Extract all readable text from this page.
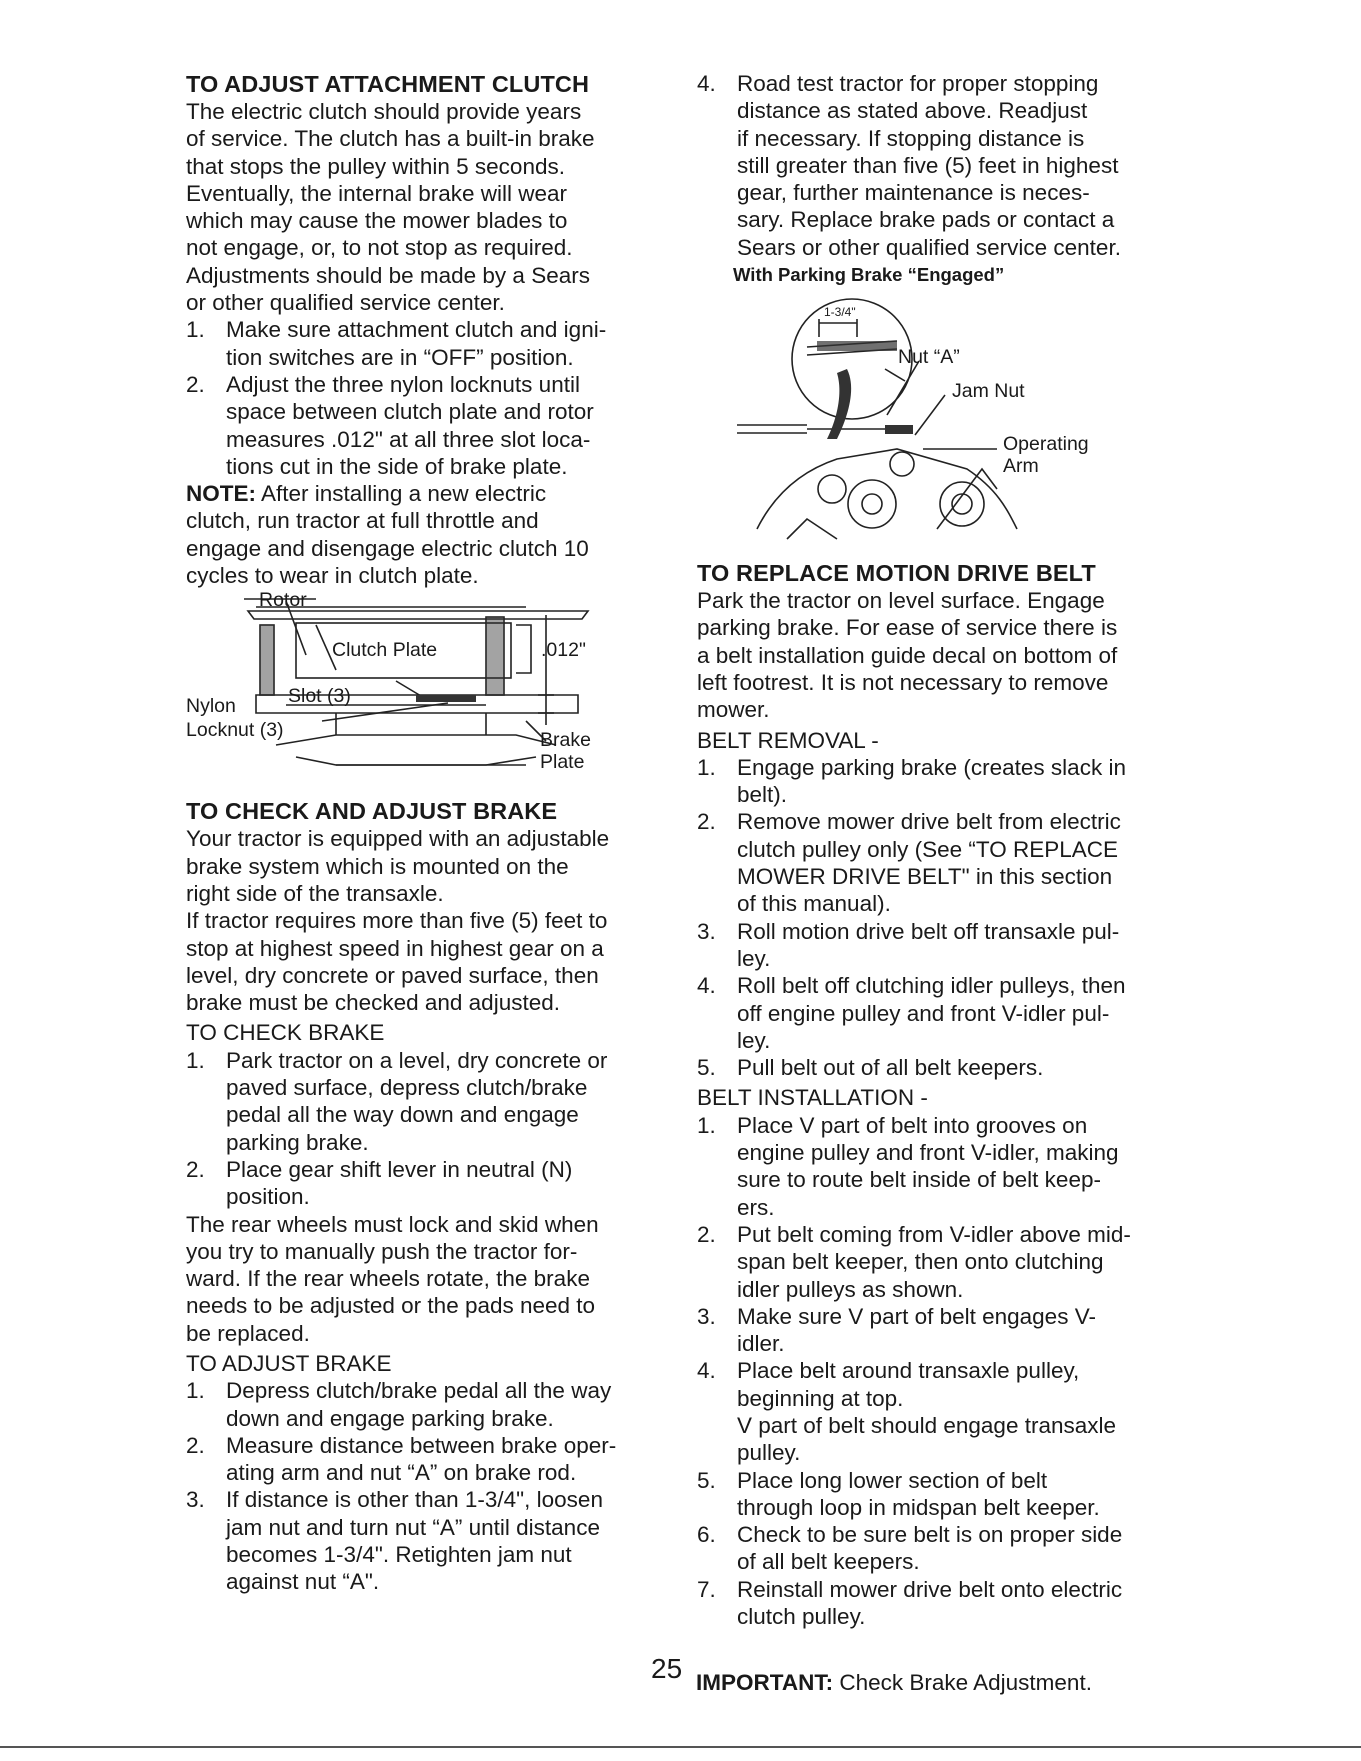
TO ADJUST ATTACHMENT CLUTCH

The electric clutch should provide years
of service. The clutch has a built-in brake
that stops the pulley within 5 seconds.
Eventually, the internal brake will wear
which may cause the mower blades to
not engage, or, to not stop as required.
Adjustments should be made by a Sears
or other qualified service center.

1. Make sure attachment clutch and igni-
tion switches are in “OFF” position.
2. Adjust the three nylon locknuts until
space between clutch plate and rotor
measures .012" at all three slot loca-
tions cut in the side of brake plate.

NOTE: After installing a new electric
clutch, run tractor at full throttle and
engage and disengage electric clutch 10
cycles to wear in clutch plate.

Rotor
Clutch Plate	.012"
Slot (3)
Nylon
Locknut (3)	Brake
Plate

TO CHECK AND ADJUST BRAKE

Your tractor is equipped with an adjustable
brake system which is mounted on the
right side of the transaxle.
If tractor requires more than five (5) feet to
stop at highest speed in highest gear on a
level, dry concrete or paved surface, then
brake must be checked and adjusted.

TO CHECK BRAKE

1. Park tractor on a level, dry concrete or
paved surface, depress clutch/brake
pedal all the way down and engage
parking brake.
2. Place gear shift lever in neutral (N)
position.

The rear wheels must lock and skid when
you try to manually push the tractor for-
ward. If the rear wheels rotate, the brake
needs to be adjusted or the pads need to
be replaced.

TO ADJUST BRAKE

1. Depress clutch/brake pedal all the way
down and engage parking brake.
2. Measure distance between brake oper-
ating arm and nut “A” on brake rod.
3. If distance is other than 1-3/4", loosen
jam nut and turn nut “A” until distance
becomes 1-3/4". Retighten jam nut
against nut “A".
4. Road test tractor for proper stopping
distance as stated above. Readjust
if necessary. If stopping distance is
still greater than five (5) feet in highest
gear, further maintenance is neces-
sary. Replace brake pads or contact a
Sears or other qualified service center.

With Parking Brake “Engaged”

1-3/4"
Nut “A”
Jam Nut
Operating
Arm

TO REPLACE MOTION DRIVE BELT

Park the tractor on level surface. Engage
parking brake. For ease of service there is
a belt installation guide decal on bottom of
left footrest. It is not necessary to remove
mower.

BELT REMOVAL -

1. Engage parking brake (creates slack in
belt).
2. Remove mower drive belt from electric
clutch pulley only (See “TO REPLACE
MOWER DRIVE BELT" in this section
of this manual).
3. Roll motion drive belt off transaxle pul-
ley.
4. Roll belt off clutching idler pulleys, then
off engine pulley and front V-idler pul-
ley.
5. Pull belt out of all belt keepers.

BELT INSTALLATION -

1. Place V part of belt into grooves on
engine pulley and front V-idler, making
sure to route belt inside of belt keep-
ers.
2. Put belt coming from V-idler above mid-
span belt keeper, then onto clutching
idler pulleys as shown.
3. Make sure V part of belt engages V-
idler.
4. Place belt around transaxle pulley,
beginning at top.
V part of belt should engage transaxle
pulley.
5. Place long lower section of belt
through loop in midspan belt keeper.
6. Check to be sure belt is on proper side
of all belt keepers.
7. Reinstall mower drive belt onto electric
clutch pulley.
25 IMPORTANT: Check Brake Adjustment.
